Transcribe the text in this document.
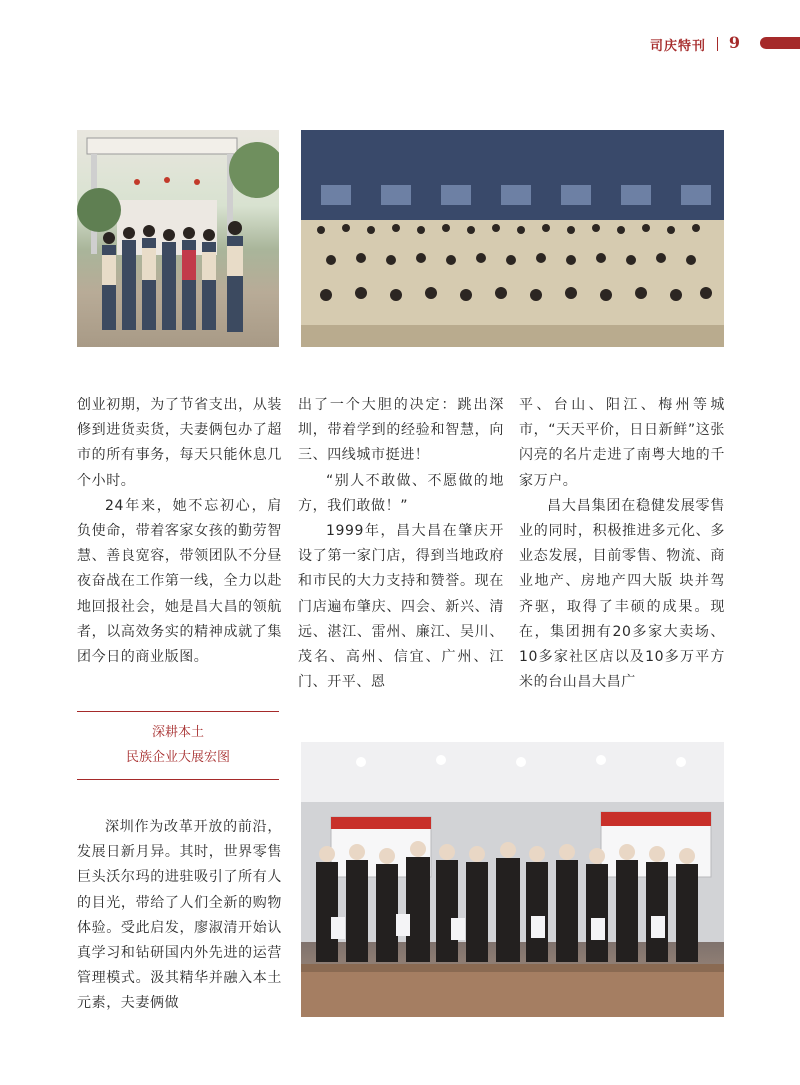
司庆特刊 9

创业初期，为了节省支出，从装修到进货卖货，夫妻俩包办了超市的所有事务，每天只能休息几个小时。

24年来，她不忘初心，肩负使命，带着客家女孩的勤劳智慧、善良宽容，带领团队不分昼夜奋战在工作第一线，全力以赴地回报社会，她是昌大昌的领航者，以高效务实的精神成就了集团今日的商业版图。

出了一个大胆的决定：跳出深圳，带着学到的经验和智慧，向三、四线城市挺进！

“别人不敢做、不愿做的地方，我们敢做！”

1999年，昌大昌在肇庆开设了第一家门店，得到当地政府和市民的大力支持和赞誉。现在门店遍布肇庆、四会、新兴、清远、湛江、雷州、廉江、吴川、茂名、高州、信宜、广州、江门、开平、恩

平、台山、阳江、梅州等城市，“天天平价，日日新鲜”这张闪亮的名片走进了南粤大地的千家万户。

昌大昌集团在稳健发展零售业的同时，积极推进多元化、多业态发展，目前零售、物流、商业地产、房地产四大版 块并驾齐驱，取得了丰硕的成果。现在，集团拥有20多家大卖场、10多家社区店以及10多万平方米的台山昌大昌广

深耕本土
民族企业大展宏图

深圳作为改革开放的前沿，发展日新月异。其时，世界零售巨头沃尔玛的进驻吸引了所有人的目光，带给了人们全新的购物体验。受此启发，廖淑清开始认真学习和钻研国内外先进的运营管理模式。汲其精华并融入本土元素，夫妻俩做
